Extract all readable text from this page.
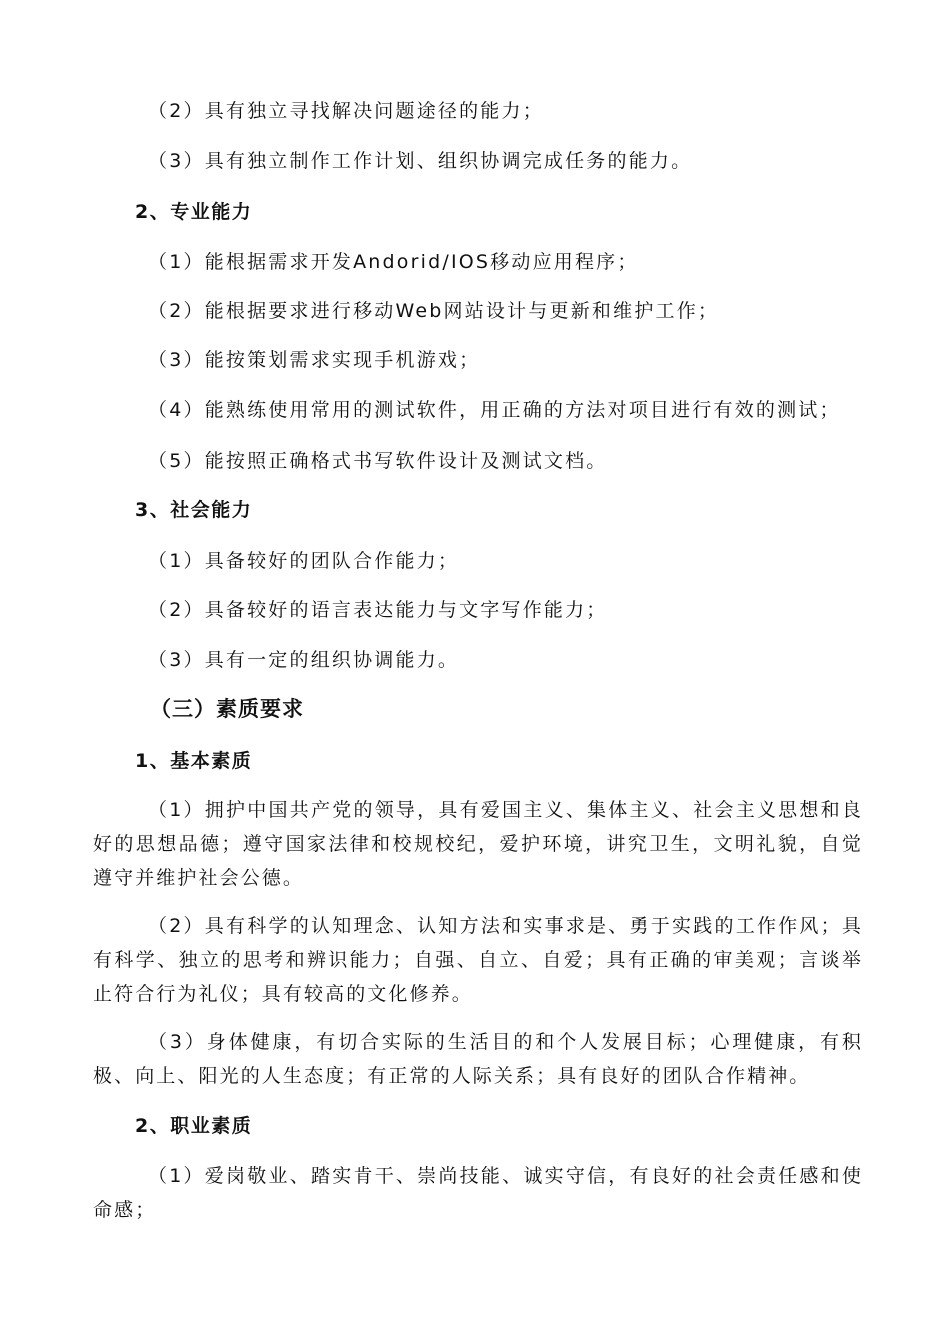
（2）具有独立寻找解决问题途径的能力；
（3）具有独立制作工作计划、组织协调完成任务的能力。
2、专业能力
（1）能根据需求开发Andorid/IOS移动应用程序；
（2）能根据要求进行移动Web网站设计与更新和维护工作；
（3）能按策划需求实现手机游戏；
（4）能熟练使用常用的测试软件，用正确的方法对项目进行有效的测试；
（5）能按照正确格式书写软件设计及测试文档。
3、社会能力
（1）具备较好的团队合作能力；
（2）具备较好的语言表达能力与文字写作能力；
（3）具有一定的组织协调能力。
（三）素质要求
1、基本素质
（1）拥护中国共产党的领导，具有爱国主义、集体主义、社会主义思想和良好的思想品德；遵守国家法律和校规校纪，爱护环境，讲究卫生，文明礼貌，自觉遵守并维护社会公德。
（2）具有科学的认知理念、认知方法和实事求是、勇于实践的工作作风；具有科学、独立的思考和辨识能力；自强、自立、自爱；具有正确的审美观；言谈举止符合行为礼仪；具有较高的文化修养。
（3）身体健康，有切合实际的生活目的和个人发展目标；心理健康，有积极、向上、阳光的人生态度；有正常的人际关系；具有良好的团队合作精神。
2、职业素质
（1）爱岗敬业、踏实肯干、崇尚技能、诚实守信，有良好的社会责任感和使命感；
